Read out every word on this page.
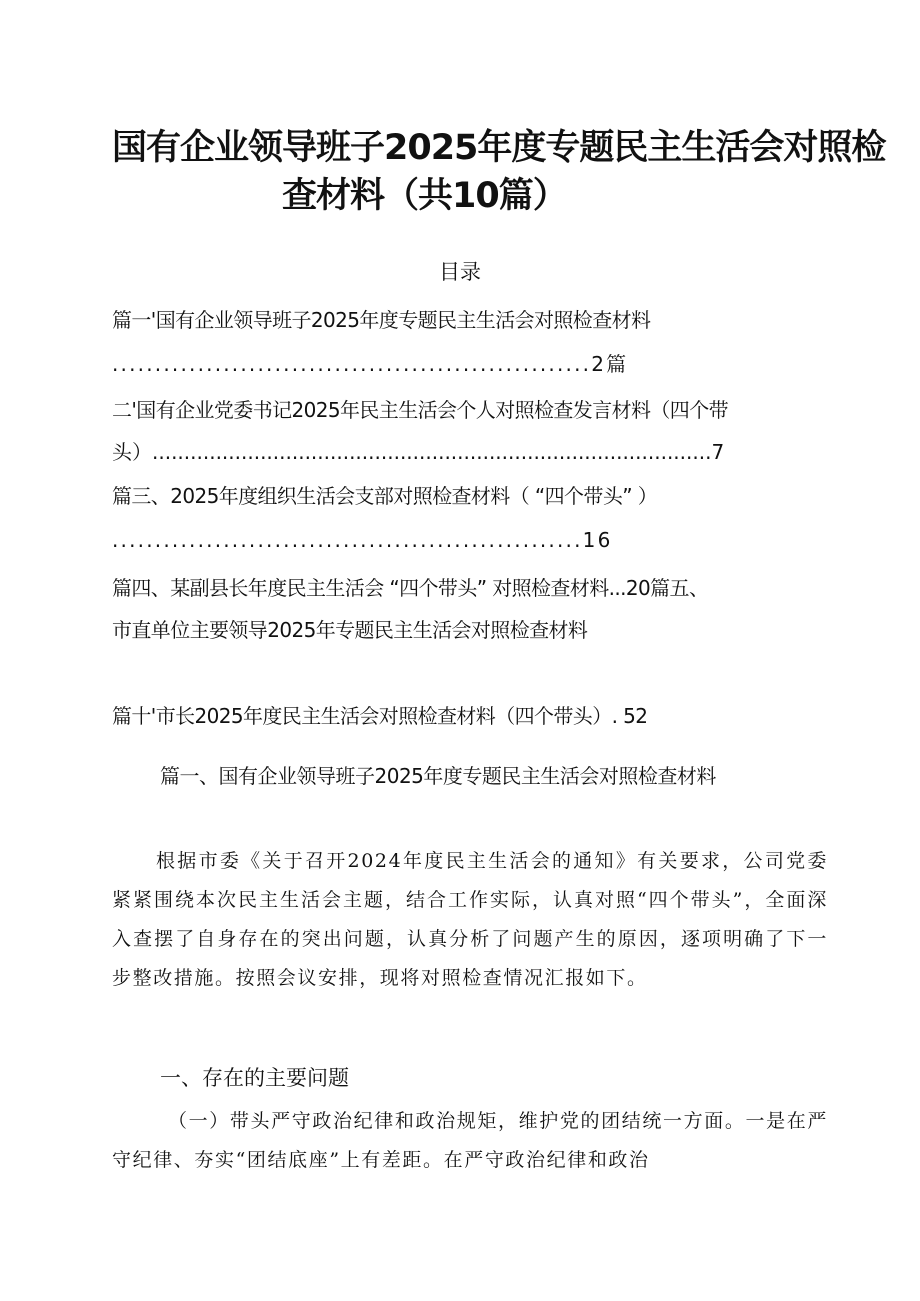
国有企业领导班子2025年度专题民主生活会对照检
查材料（共10篇）
目录
篇一'国有企业领导班子2025年度专题民主生活会对照检查材料
........................................................2篇
二'国有企业党委书记2025年民主生活会个人对照检查发言材料（四个带
头）........................................................................................7
篇三、2025年度组织生活会支部对照检查材料（ “四个带头” ）
.......................................................16
篇四、某副县长年度民主生活会 “四个带头” 对照检查材料...20篇五、
市直单位主要领导2025年专题民主生活会对照检查材料
篇十'市长2025年度民主生活会对照检查材料（四个带头）. 52
篇一、国有企业领导班子2025年度专题民主生活会对照检查材料
根据市委《关于召开2024年度民主生活会的通知》有关要求，公司党委紧紧围绕本次民主生活会主题，结合工作实际，认真对照“四个带头”，全面深入查摆了自身存在的突出问题，认真分析了问题产生的原因，逐项明确了下一步整改措施。按照会议安排，现将对照检查情况汇报如下。
一、存在的主要问题
（一）带头严守政治纪律和政治规矩，维护党的团结统一方面。一是在严守纪律、夯实“团结底座”上有差距。在严守政治纪律和政治
